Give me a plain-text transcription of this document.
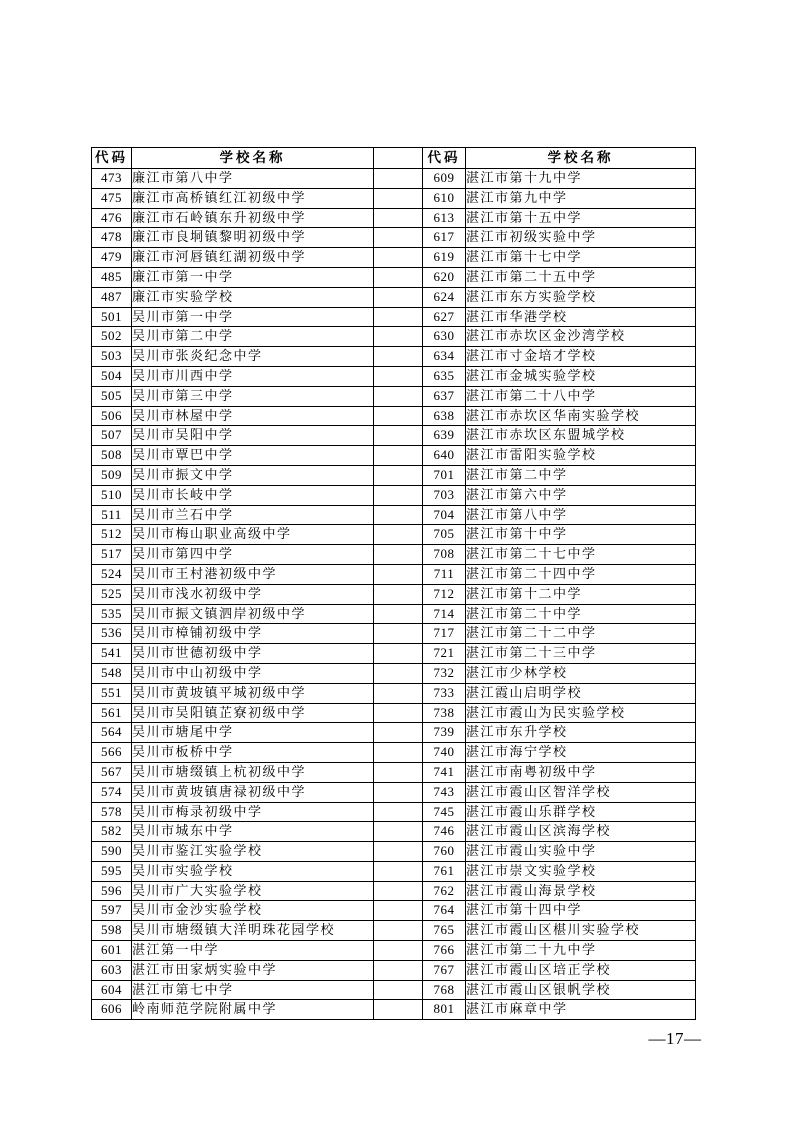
代码	学校名称		代码	学校名称
473	廉江市第八中学		609	湛江市第十九中学
475	廉江市高桥镇红江初级中学		610	湛江市第九中学
476	廉江市石岭镇东升初级中学		613	湛江市第十五中学
478	廉江市良垌镇黎明初级中学		617	湛江市初级实验中学
479	廉江市河唇镇红湖初级中学		619	湛江市第十七中学
485	廉江市第一中学		620	湛江市第二十五中学
487	廉江市实验学校		624	湛江市东方实验学校
501	吴川市第一中学		627	湛江市华港学校
502	吴川市第二中学		630	湛江市赤坎区金沙湾学校
503	吴川市张炎纪念中学		634	湛江市寸金培才学校
504	吴川市川西中学		635	湛江市金城实验学校
505	吴川市第三中学		637	湛江市第二十八中学
506	吴川市林屋中学		638	湛江市赤坎区华南实验学校
507	吴川市吴阳中学		639	湛江市赤坎区东盟城学校
508	吴川市覃巴中学		640	湛江市雷阳实验学校
509	吴川市振文中学		701	湛江市第二中学
510	吴川市长岐中学		703	湛江市第六中学
511	吴川市兰石中学		704	湛江市第八中学
512	吴川市梅山职业高级中学		705	湛江市第十中学
517	吴川市第四中学		708	湛江市第二十七中学
524	吴川市王村港初级中学		711	湛江市第二十四中学
525	吴川市浅水初级中学		712	湛江市第十二中学
535	吴川市振文镇泗岸初级中学		714	湛江市第二十中学
536	吴川市樟铺初级中学		717	湛江市第二十二中学
541	吴川市世德初级中学		721	湛江市第二十三中学
548	吴川市中山初级中学		732	湛江市少林学校
551	吴川市黄坡镇平城初级中学		733	湛江霞山启明学校
561	吴川市吴阳镇芷寮初级中学		738	湛江市霞山为民实验学校
564	吴川市塘尾中学		739	湛江市东升学校
566	吴川市板桥中学		740	湛江市海宁学校
567	吴川市塘缀镇上杭初级中学		741	湛江市南粤初级中学
574	吴川市黄坡镇唐禄初级中学		743	湛江市霞山区智洋学校
578	吴川市梅录初级中学		745	湛江市霞山乐群学校
582	吴川市城东中学		746	湛江市霞山区滨海学校
590	吴川市鉴江实验学校		760	湛江市霞山实验中学
595	吴川市实验学校		761	湛江市崇文实验学校
596	吴川市广大实验学校		762	湛江市霞山海景学校
597	吴川市金沙实验学校		764	湛江市第十四中学
598	吴川市塘缀镇大洋明珠花园学校		765	湛江市霞山区椹川实验学校
601	湛江第一中学		766	湛江市第二十九中学
603	湛江市田家炳实验中学		767	湛江市霞山区培正学校
604	湛江市第七中学		768	湛江市霞山区银帆学校
606	岭南师范学院附属中学		801	湛江市麻章中学
—17—
